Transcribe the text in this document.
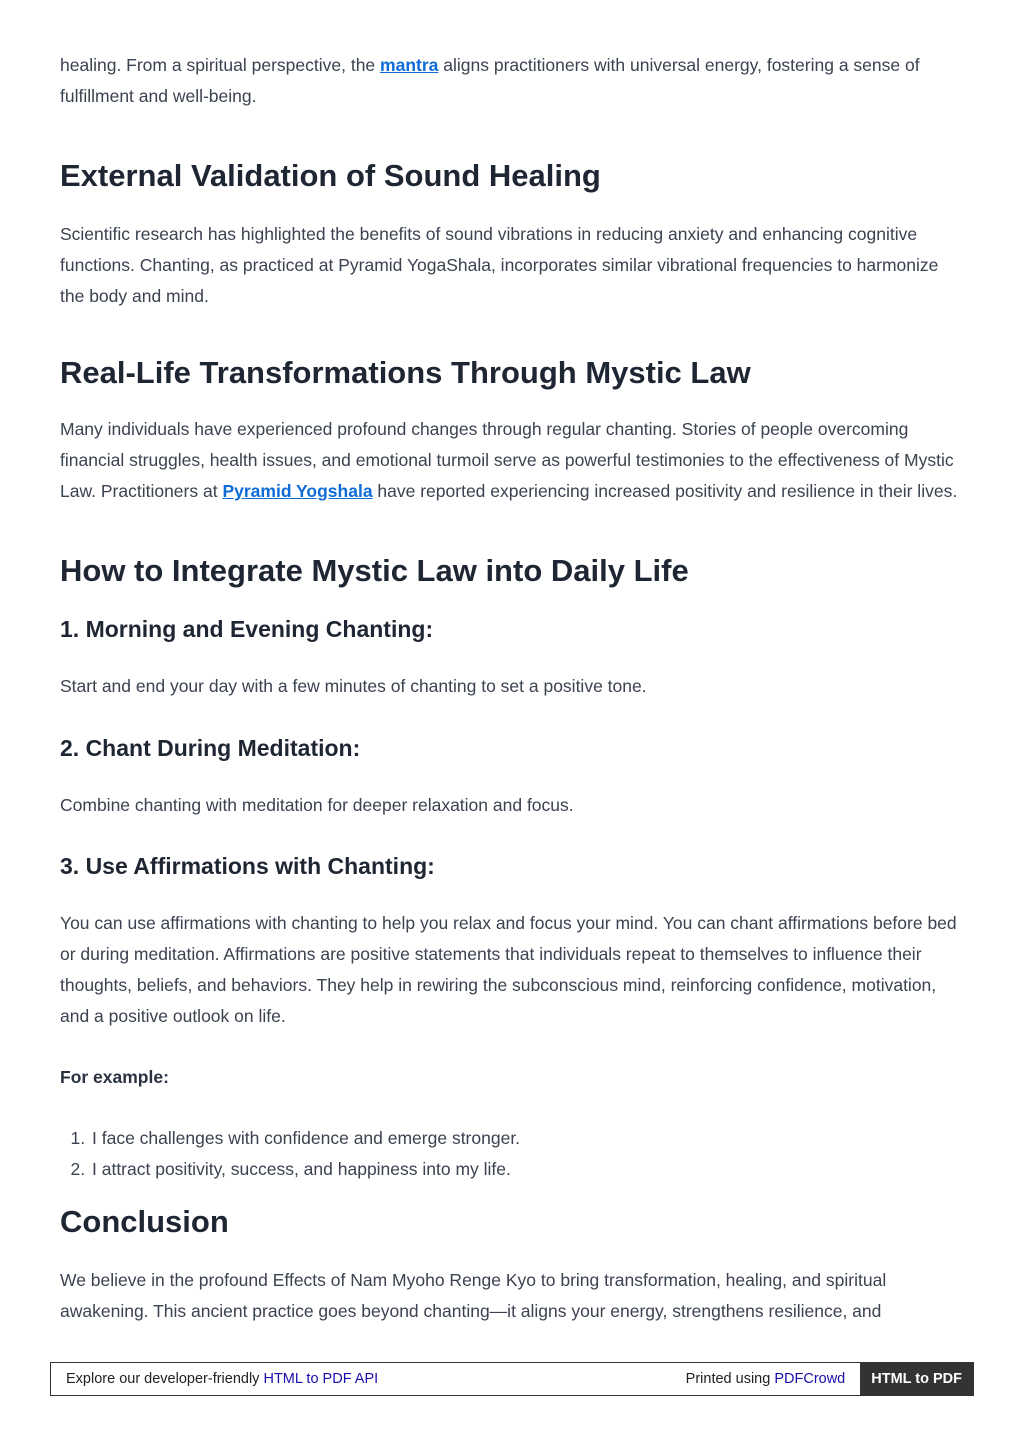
healing. From a spiritual perspective, the mantra aligns practitioners with universal energy, fostering a sense of fulfillment and well-being.

External Validation of Sound Healing

Scientific research has highlighted the benefits of sound vibrations in reducing anxiety and enhancing cognitive functions. Chanting, as practiced at Pyramid YogaShala, incorporates similar vibrational frequencies to harmonize the body and mind.

Real-Life Transformations Through Mystic Law

Many individuals have experienced profound changes through regular chanting. Stories of people overcoming financial struggles, health issues, and emotional turmoil serve as powerful testimonies to the effectiveness of Mystic Law. Practitioners at Pyramid Yogshala have reported experiencing increased positivity and resilience in their lives.

How to Integrate Mystic Law into Daily Life
1. Morning and Evening Chanting:

Start and end your day with a few minutes of chanting to set a positive tone.

2. Chant During Meditation:

Combine chanting with meditation for deeper relaxation and focus.

3. Use Affirmations with Chanting:

You can use affirmations with chanting to help you relax and focus your mind. You can chant affirmations before bed or during meditation. Affirmations are positive statements that individuals repeat to themselves to influence their thoughts, beliefs, and behaviors. They help in rewiring the subconscious mind, reinforcing confidence, motivation, and a positive outlook on life.

For example:

1. I face challenges with confidence and emerge stronger.
2. I attract positivity, success, and happiness into my life.
Conclusion

We believe in the profound Effects of Nam Myoho Renge Kyo to bring transformation, healing, and spiritual awakening. This ancient practice goes beyond chanting—it aligns your energy, strengthens resilience, and

Explore our developer-friendly HTML to PDF API	Printed using PDFCrowd	HTML to PDF
